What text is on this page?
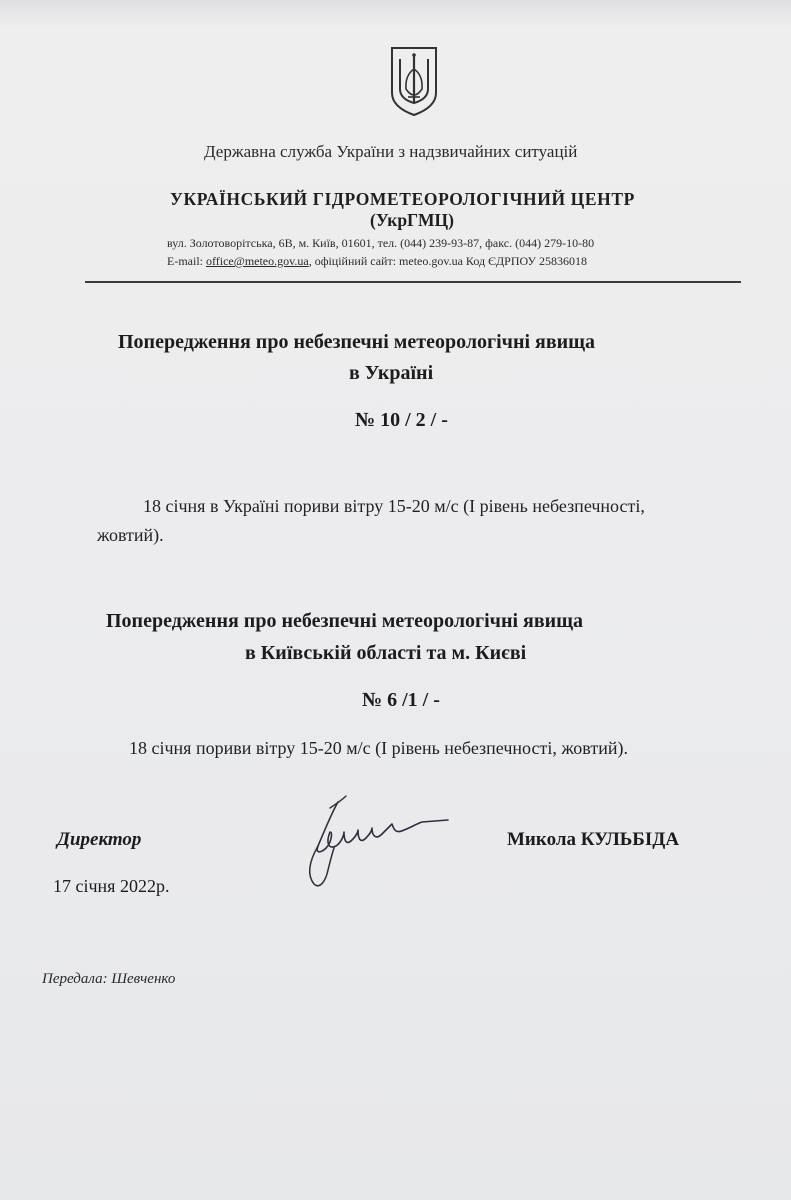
Державна служба України з надзвичайних ситуацій
УКРАЇНСЬКИЙ ГІДРОМЕТЕОРОЛОГІЧНИЙ ЦЕНТР
(УкрГМЦ)
вул. Золотоворітська, 6В, м. Київ, 01601, тел. (044) 239-93-87, факс. (044) 279-10-80
E-mail: office@meteo.gov.ua, офіційний сайт: meteo.gov.ua Код ЄДРПОУ 25836018
Попередження про небезпечні метеорологічні явища
в Україні
№ 10 / 2 / -
18 січня в Україні пориви вітру 15-20 м/с (І рівень небезпечності,
жовтий).
Попередження про небезпечні метеорологічні явища
в Київській області та м. Києві
№ 6 /1 / -
18 січня пориви вітру 15-20 м/с (І рівень небезпечності, жовтий).
Директор	Микола КУЛЬБІДА
17 січня 2022р.
Передала: Шевченко
